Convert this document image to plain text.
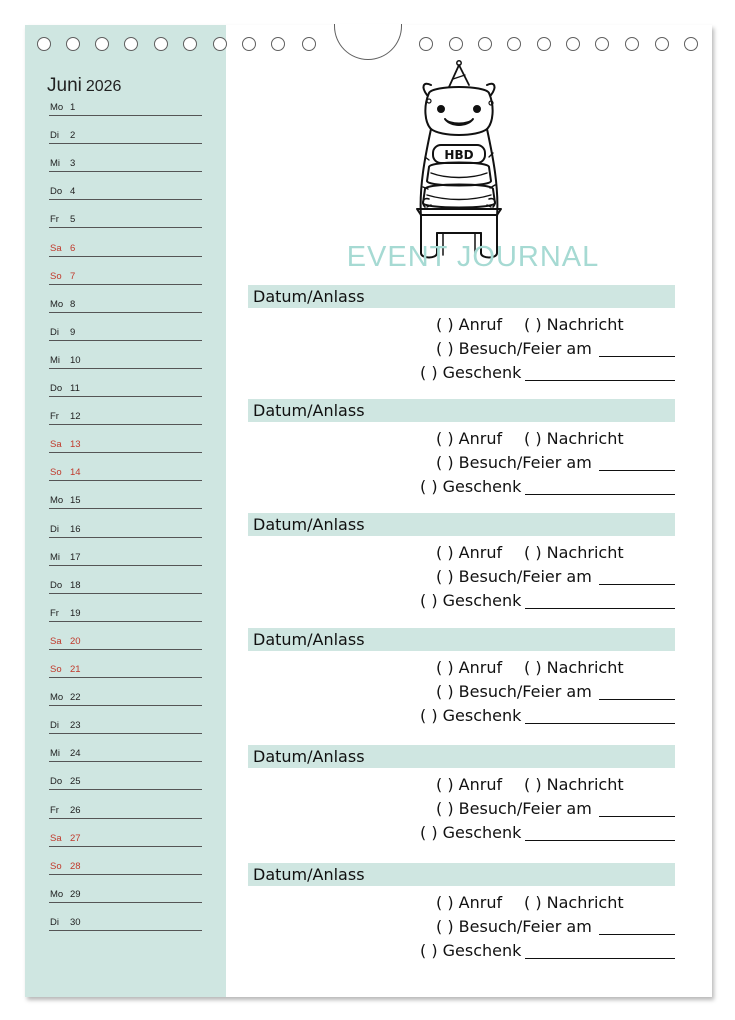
Juni 2026
Mo 1
Di 2
Mi 3
Do 4
Fr 5
Sa 6
So 7
Mo 8
Di 9
Mi 10
Do 11
Fr 12
Sa 13
So 14
Mo 15
Di 16
Mi 17
Do 18
Fr 19
Sa 20
So 21
Mo 22
Di 23
Mi 24
Do 25
Fr 26
Sa 27
So 28
Mo 29
Di 30
HBD
EVENT JOURNAL
Datum/Anlass
( ) Anruf ( ) Nachricht
( ) Besuch/Feier am
( ) Geschenk
Datum/Anlass
( ) Anruf ( ) Nachricht
( ) Besuch/Feier am
( ) Geschenk
Datum/Anlass
( ) Anruf ( ) Nachricht
( ) Besuch/Feier am
( ) Geschenk
Datum/Anlass
( ) Anruf ( ) Nachricht
( ) Besuch/Feier am
( ) Geschenk
Datum/Anlass
( ) Anruf ( ) Nachricht
( ) Besuch/Feier am
( ) Geschenk
Datum/Anlass
( ) Anruf ( ) Nachricht
( ) Besuch/Feier am
( ) Geschenk
